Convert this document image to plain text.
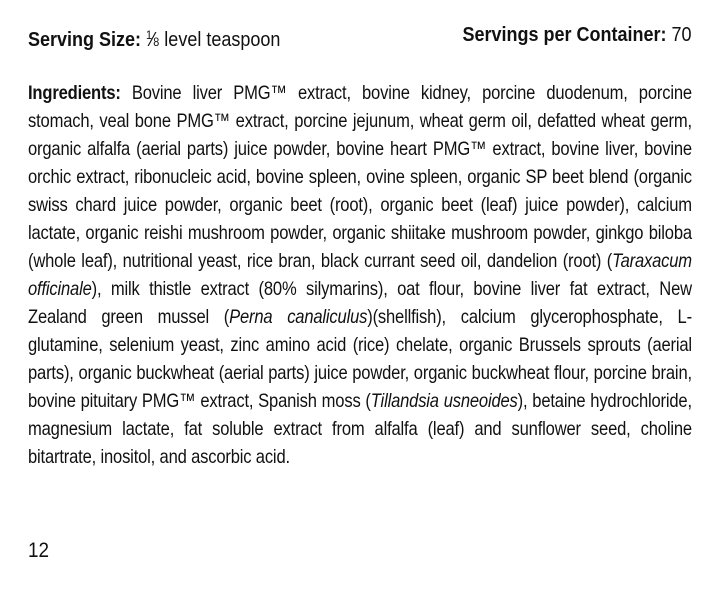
Serving Size: $^1$⁄8 level teaspoon	Servings per Container: 70

Ingredients: Bovine liver PMG™ extract, bovine kidney, porcine duodenum, porcine stomach, veal bone PMG™ extract, porcine jejunum, wheat germ oil, defatted wheat germ, organic alfalfa (aerial parts) juice powder, bovine heart PMG™ extract, bovine liver, bovine orchic extract, ribonucleic acid, bovine spleen, ovine spleen, organic SP beet blend (organic swiss chard juice powder, organic beet (root), organic beet (leaf) juice powder), calcium lactate, organic reishi mushroom powder, organic shiitake mushroom powder, ginkgo biloba (whole leaf), nutritional yeast, rice bran, black currant seed oil, dandelion (root) (Taraxacum officinale), milk thistle extract (80% silymarins), oat flour, bovine liver fat extract, New Zealand green mussel (Perna canaliculus)(shellfish), calcium glycerophosphate, L-glutamine, selenium yeast, zinc amino acid (rice) chelate, organic Brussels sprouts (aerial parts), organic buckwheat (aerial parts) juice powder, organic buckwheat flour, porcine brain, bovine pituitary PMG™ extract, Spanish moss (Tillandsia usneoides), betaine hydrochloride, magnesium lactate, fat soluble extract from alfalfa (leaf) and sunflower seed, choline bitartrate, inositol, and ascorbic acid.

12
